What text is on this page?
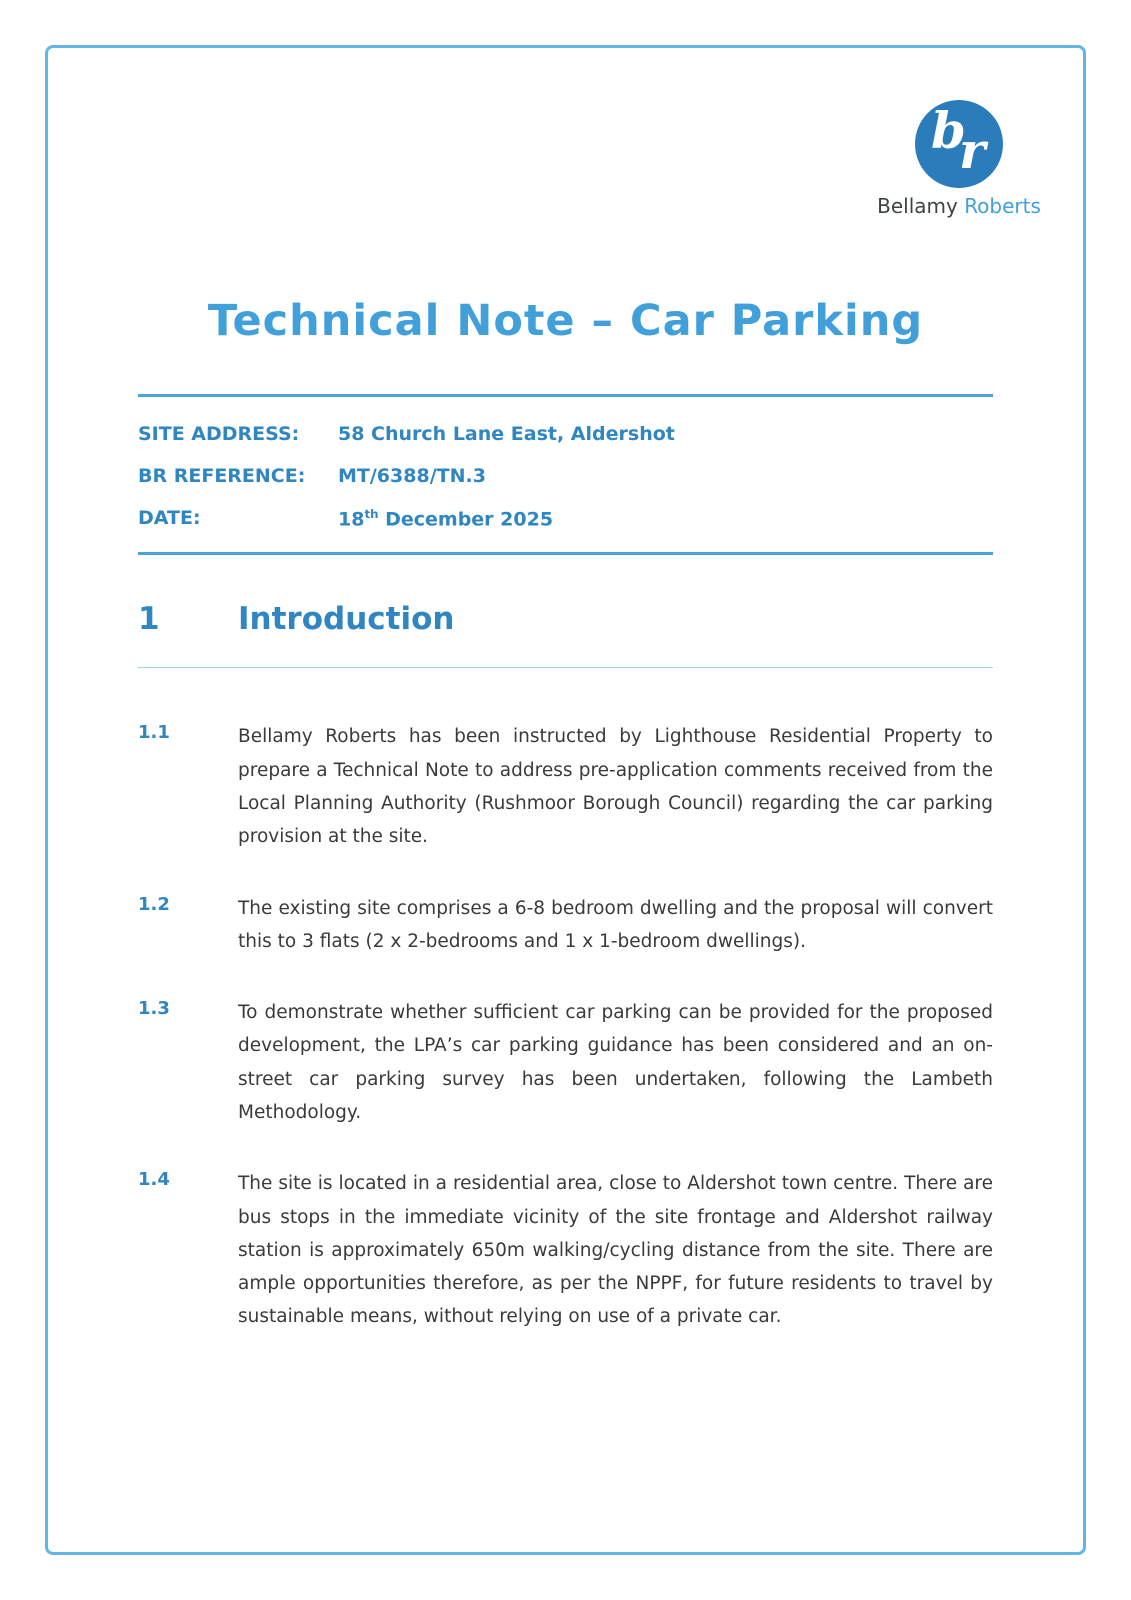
b
r
Bellamy Roberts
Technical Note – Car Parking
SITE ADDRESS:	58 Church Lane East, Aldershot
BR REFERENCE:	MT/6388/TN.3
DATE:	18th December 2025
1	Introduction
1.1	Bellamy Roberts has been instructed by Lighthouse Residential Property to prepare a Technical Note to address pre-application comments received from the Local Planning Authority (Rushmoor Borough Council) regarding the car parking provision at the site.

1.2	The existing site comprises a 6-8 bedroom dwelling and the proposal will convert this to 3 flats (2 x 2-bedrooms and 1 x 1-bedroom dwellings).

1.3	To demonstrate whether sufficient car parking can be provided for the proposed development, the LPA’s car parking guidance has been considered and an on-street car parking survey has been undertaken, following the Lambeth Methodology.

1.4	The site is located in a residential area, close to Aldershot town centre. There are bus stops in the immediate vicinity of the site frontage and Aldershot railway station is approximately 650m walking/cycling distance from the site. There are ample opportunities therefore, as per the NPPF, for future residents to travel by sustainable means, without relying on use of a private car.
